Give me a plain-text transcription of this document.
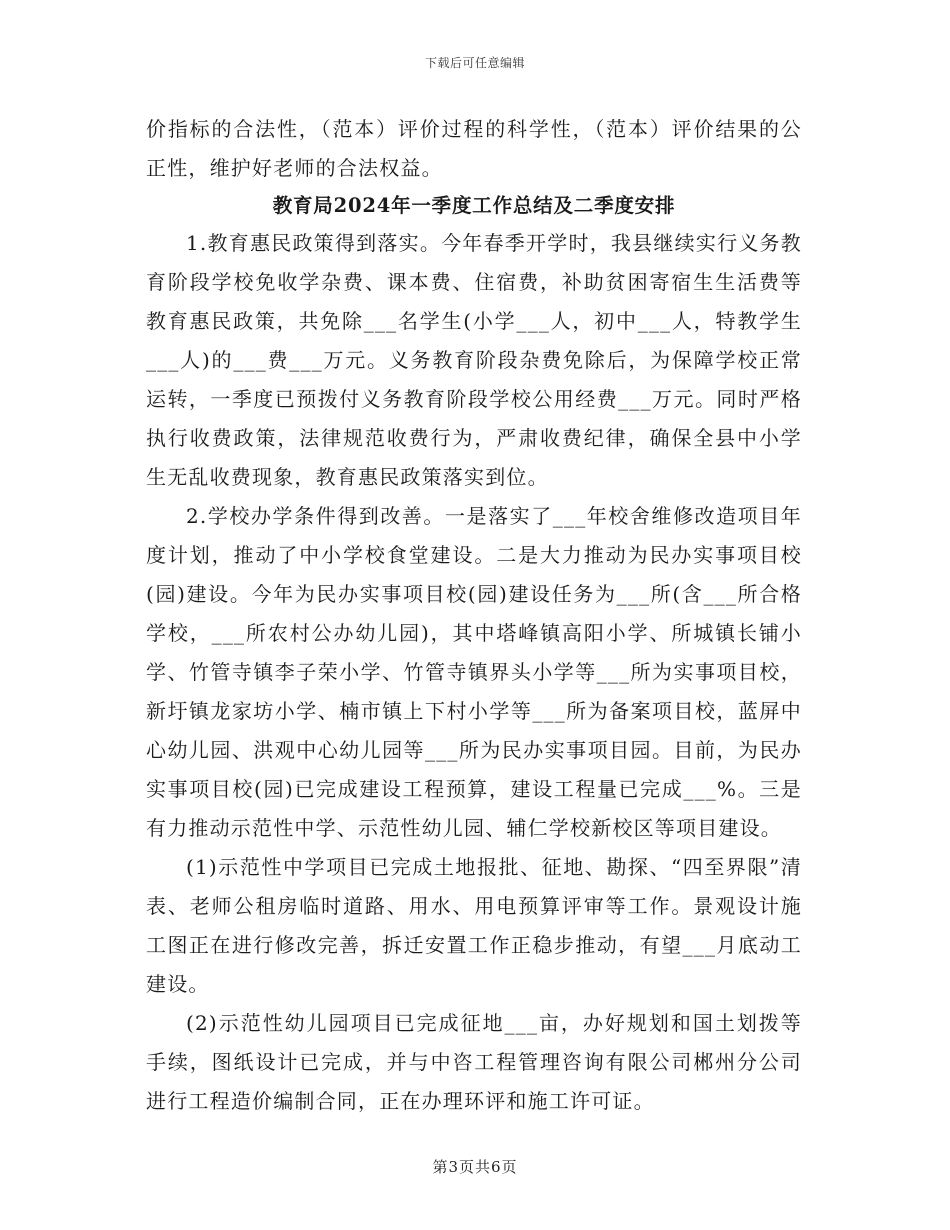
下载后可任意编辑

价指标的合法性，（范本）评价过程的科学性，（范本）评价结果的公正性，维护好老师的合法权益。

教育局2024年一季度工作总结及二季度安排

1.教育惠民政策得到落实。今年春季开学时，我县继续实行义务教育阶段学校免收学杂费、课本费、住宿费，补助贫困寄宿生生活费等教育惠民政策，共免除___名学生(小学___人，初中___人，特教学生___人)的___费___万元。义务教育阶段杂费免除后，为保障学校正常运转，一季度已预拨付义务教育阶段学校公用经费___万元。同时严格执行收费政策，法律规范收费行为，严肃收费纪律，确保全县中小学生无乱收费现象，教育惠民政策落实到位。

2.学校办学条件得到改善。一是落实了___年校舍维修改造项目年度计划，推动了中小学校食堂建设。二是大力推动为民办实事项目校(园)建设。今年为民办实事项目校(园)建设任务为___所(含___所合格学校，___所农村公办幼儿园)，其中塔峰镇高阳小学、所城镇长铺小学、竹管寺镇李子荣小学、竹管寺镇界头小学等___所为实事项目校，新圩镇龙家坊小学、楠市镇上下村小学等___所为备案项目校，蓝屏中心幼儿园、洪观中心幼儿园等___所为民办实事项目园。目前，为民办实事项目校(园)已完成建设工程预算，建设工程量已完成___%。三是有力推动示范性中学、示范性幼儿园、辅仁学校新校区等项目建设。

(1)示范性中学项目已完成土地报批、征地、勘探、“四至界限”清表、老师公租房临时道路、用水、用电预算评审等工作。景观设计施工图正在进行修改完善，拆迁安置工作正稳步推动，有望___月底动工建设。

(2)示范性幼儿园项目已完成征地___亩，办好规划和国土划拨等手续，图纸设计已完成，并与中咨工程管理咨询有限公司郴州分公司进行工程造价编制合同，正在办理环评和施工许可证。

第3页共6页
